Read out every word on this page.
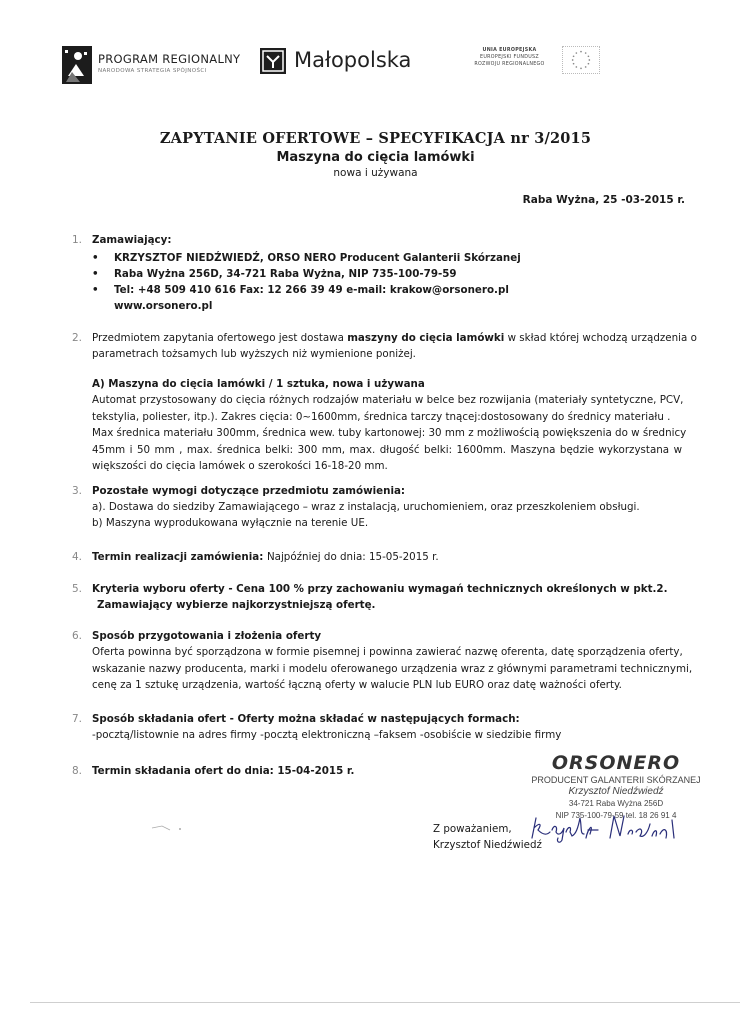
PROGRAM REGIONALNY
NARODOWA STRATEGIA SPÓJNOŚCI	Małopolska	UNIA EUROPEJSKA
EUROPEJSKI FUNDUSZ
ROZWOJU REGIONALNEGO
ZAPYTANIE OFERTOWE – SPECYFIKACJA nr 3/2015
Maszyna do cięcia lamówki
nowa i używana
Raba Wyżna, 25 -03-2015 r.
1. Zamawiający:
• KRZYSZTOF NIEDŹWIEDŹ, ORSO NERO Producent Galanterii Skórzanej
• Raba Wyżna 256D, 34-721 Raba Wyżna, NIP 735-100-79-59
• Tel: +48 509 410 616 Fax: 12 266 39 49 e-mail: krakow@orsonero.pl
www.orsonero.pl
2. Przedmiotem zapytania ofertowego jest dostawa maszyny do cięcia lamówki w skład której wchodzą urządzenia o
parametrach tożsamych lub wyższych niż wymienione poniżej.
A) Maszyna do cięcia lamówki / 1 sztuka, nowa i używana
Automat przystosowany do cięcia różnych rodzajów materiału w belce bez rozwijania (materiały syntetyczne, PCV,
tekstylia, poliester, itp.). Zakres cięcia: 0~1600mm, średnica tarczy tnącej:dostosowany do średnicy materiału .
Max średnica materiału 300mm, średnica wew. tuby kartonowej: 30 mm z możliwością powiększenia do w średnicy
45mm i 50 mm , max. średnica belki: 300 mm, max. długość belki: 1600mm. Maszyna będzie wykorzystana w
większości do cięcia lamówek o szerokości 16-18-20 mm.
3. Pozostałe wymogi dotyczące przedmiotu zamówienia:
a). Dostawa do siedziby Zamawiającego – wraz z instalacją, uruchomieniem, oraz przeszkoleniem obsługi.
b) Maszyna wyprodukowana wyłącznie na terenie UE.
4. Termin realizacji zamówienia: Najpóźniej do dnia: 15-05-2015 r.
5. Kryteria wyboru oferty - Cena 100 % przy zachowaniu wymagań technicznych określonych w pkt.2.
Zamawiający wybierze najkorzystniejszą ofertę.
6. Sposób przygotowania i złożenia oferty
Oferta powinna być sporządzona w formie pisemnej i powinna zawierać nazwę oferenta, datę sporządzenia oferty,
wskazanie nazwy producenta, marki i modelu oferowanego urządzenia wraz z głównymi parametrami technicznymi,
cenę za 1 sztukę urządzenia, wartość łączną oferty w walucie PLN lub EURO oraz datę ważności oferty.
7. Sposób składania ofert - Oferty można składać w następujących formach:
-pocztą/listownie na adres firmy -pocztą elektroniczną –faksem -osobiście w siedzibie firmy
8. Termin składania ofert do dnia: 15-04-2015 r.	ORSONERO
PRODUCENT GALANTERII SKÓRZANEJ
Krzysztof Niedźwiedź
34-721 Raba Wyżna 256D
NIP 735-100-79-59 tel. 18 26 91 4
Z poważaniem,
Krzysztof Niedźwiedź
